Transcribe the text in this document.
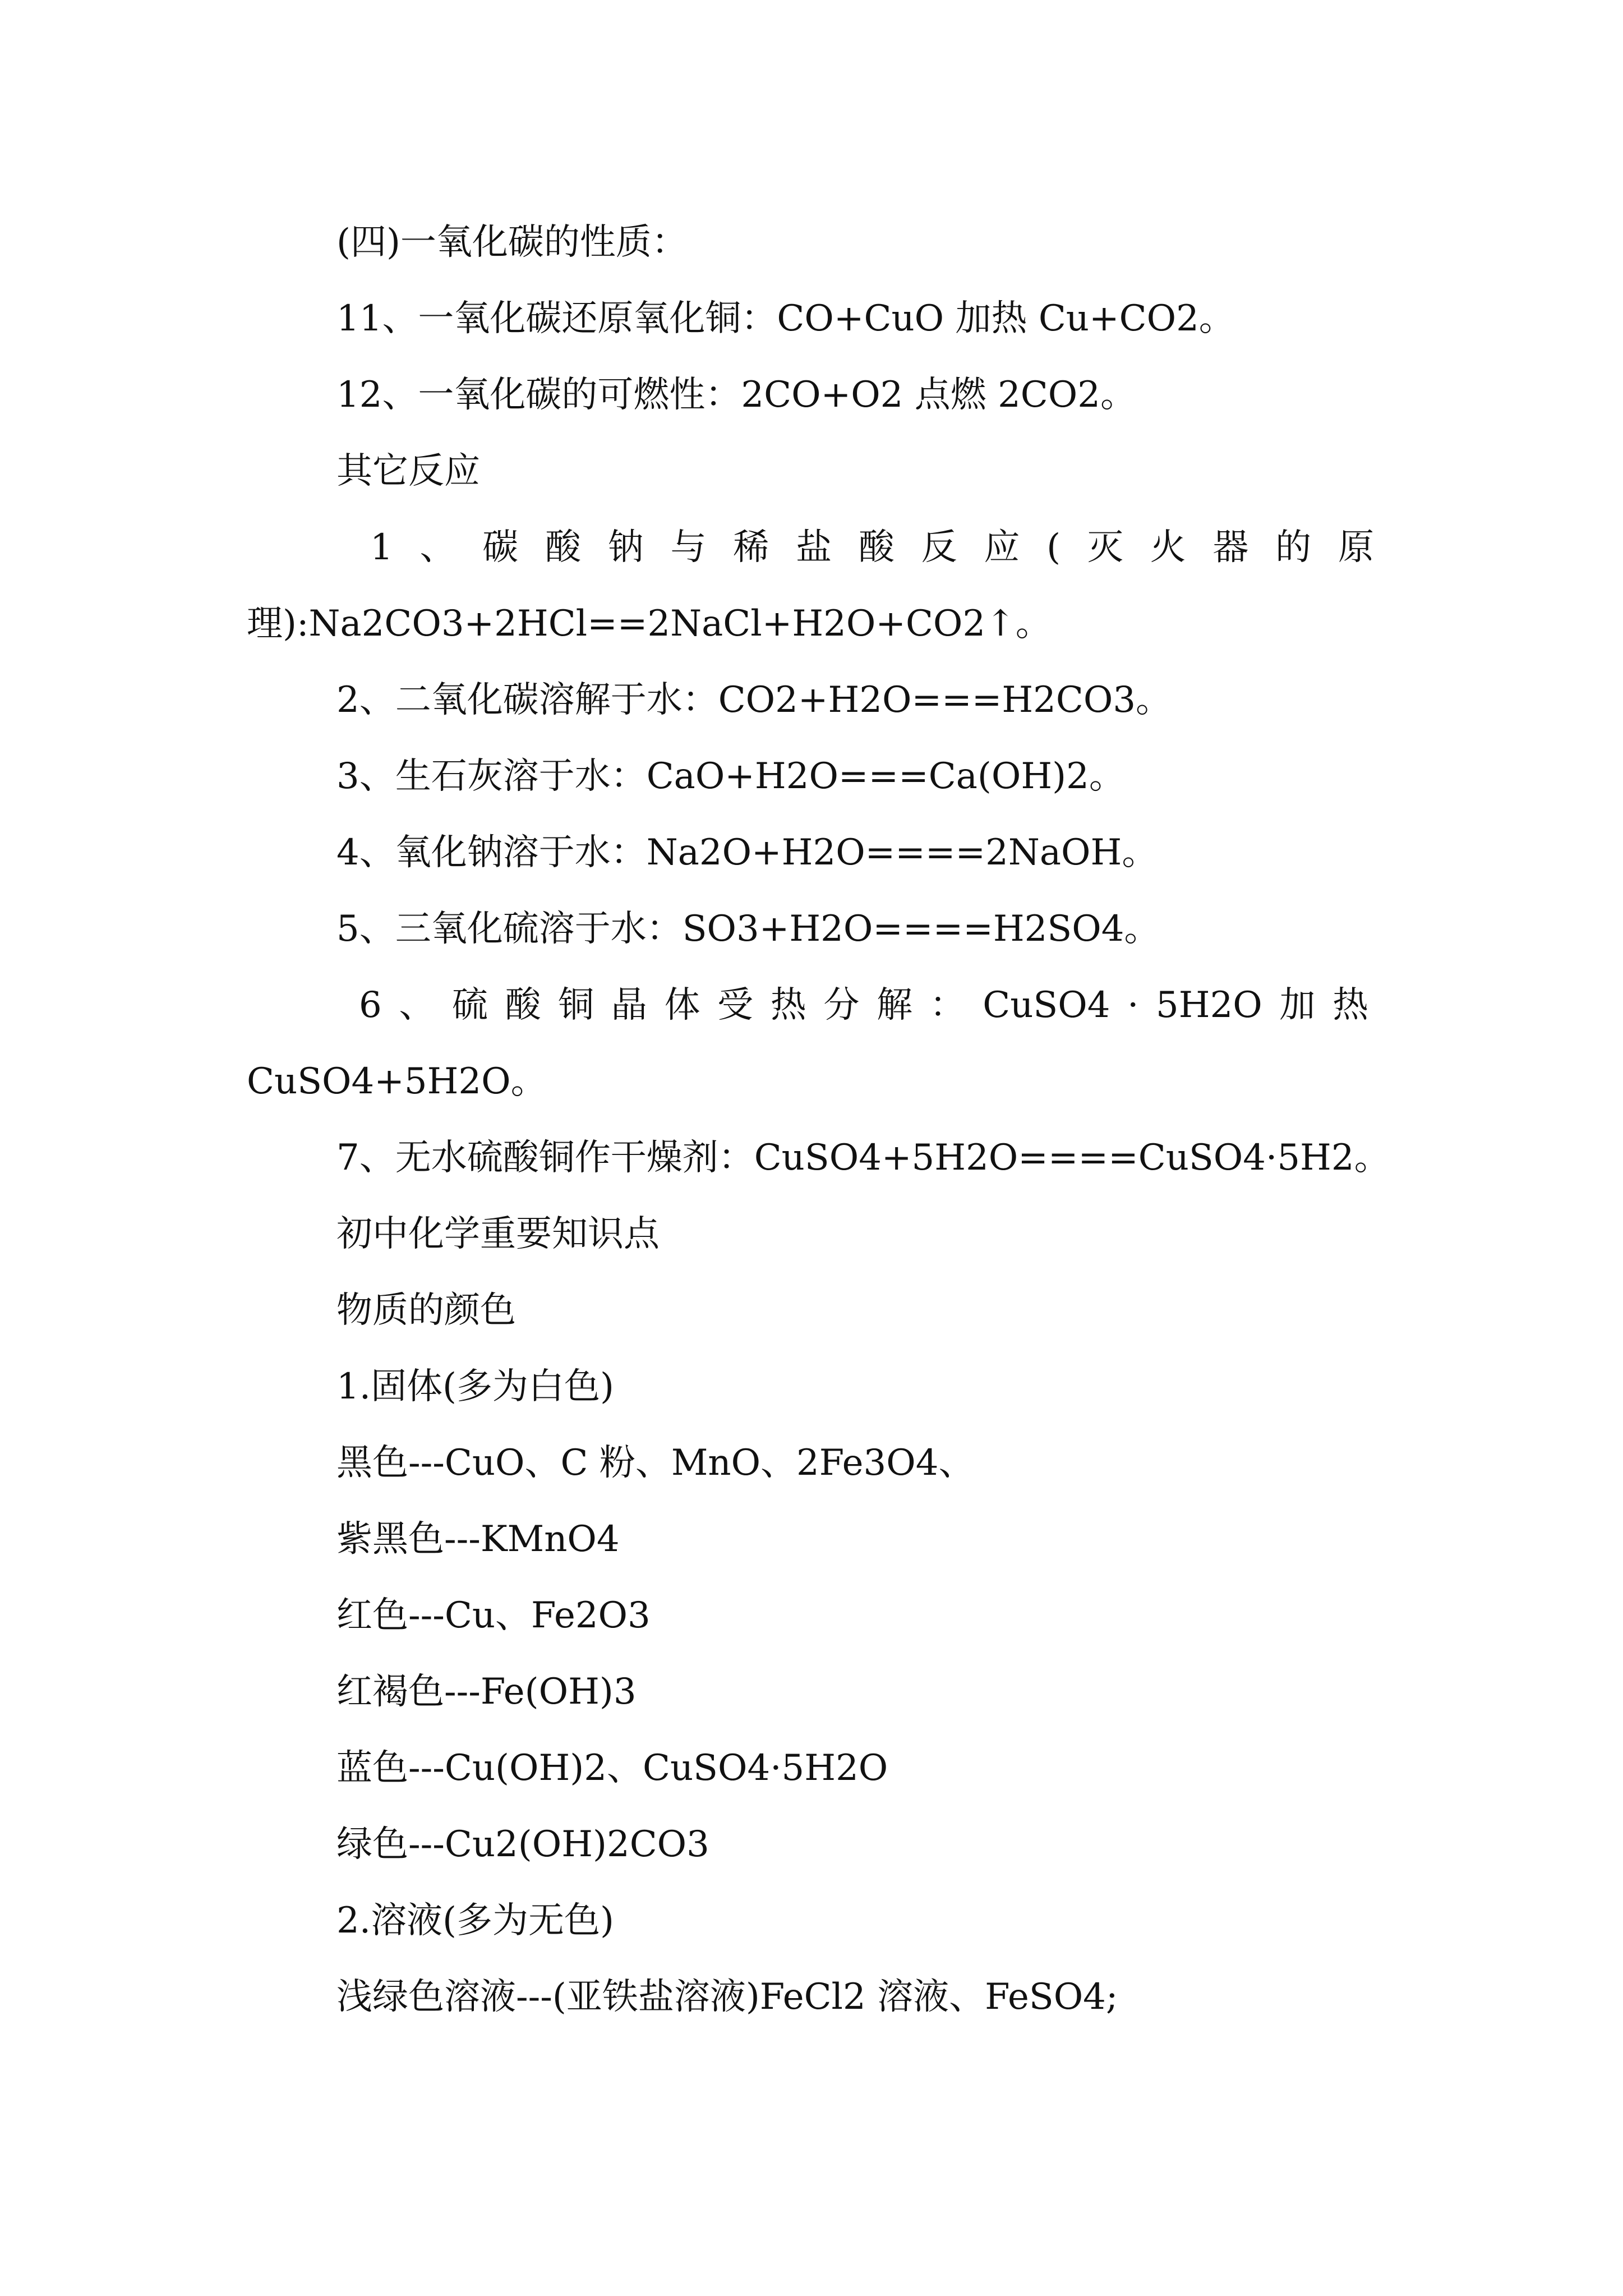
(四)一氧化碳的性质：
11、一氧化碳还原氧化铜：CO+CuO 加热 Cu+CO2。
12、一氧化碳的可燃性：2CO+O2 点燃 2CO2。
其它反应
1 、 碳 酸 钠 与 稀 盐 酸 反 应 ( 灭 火 器 的 原
理):Na2CO3+2HCl==2NaCl+H2O+CO2↑。
2、二氧化碳溶解于水：CO2+H2O===H2CO3。
3、生石灰溶于水：CaO+H2O===Ca(OH)2。
4、氧化钠溶于水：Na2O+H2O====2NaOH。
5、三氧化硫溶于水：SO3+H2O====H2SO4。
6 、 硫 酸 铜 晶 体 受 热 分 解 ： CuSO4 · 5H2O 加 热
CuSO4+5H2O。
7、无水硫酸铜作干燥剂：CuSO4+5H2O====CuSO4·5H2。
初中化学重要知识点
物质的颜色
1.固体(多为白色)
黑色---CuO、C 粉、MnO、2Fe3O4、
紫黑色---KMnO4
红色---Cu、Fe2O3
红褐色---Fe(OH)3
蓝色---Cu(OH)2、CuSO4·5H2O
绿色---Cu2(OH)2CO3
2.溶液(多为无色)
浅绿色溶液---(亚铁盐溶液)FeCl2 溶液、FeSO4;
